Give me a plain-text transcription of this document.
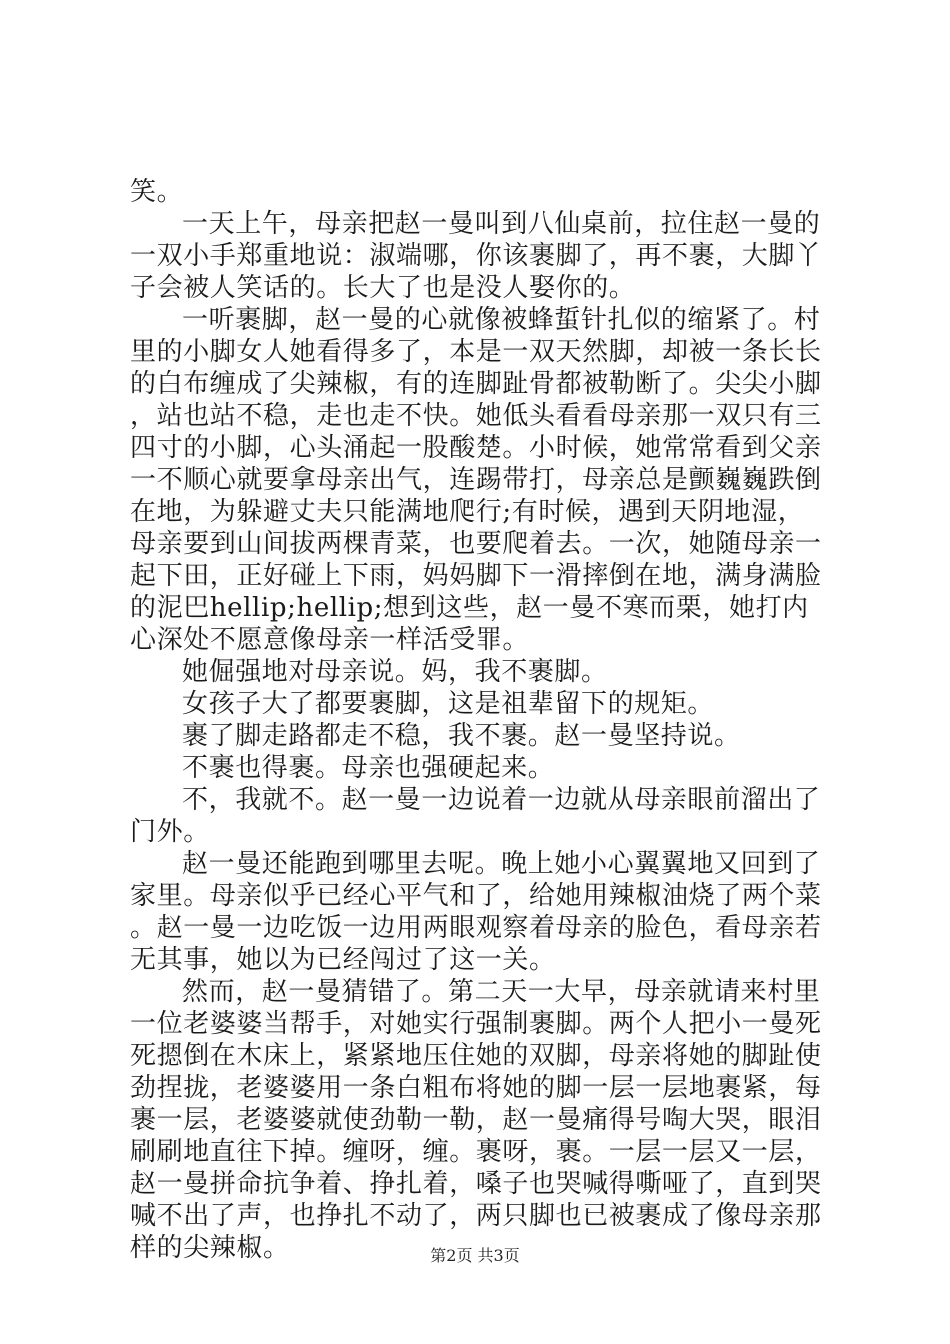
笑。

一天上午，母亲把赵一曼叫到八仙桌前，拉住赵一曼的一双小手郑重地说：淑端哪，你该裹脚了，再不裹，大脚丫子会被人笑话的。长大了也是没人娶你的。

一听裹脚，赵一曼的心就像被蜂蜇针扎似的缩紧了。村里的小脚女人她看得多了，本是一双天然脚，却被一条长长的白布缠成了尖辣椒，有的连脚趾骨都被勒断了。尖尖小脚，站也站不稳，走也走不快。她低头看看母亲那一双只有三四寸的小脚，心头涌起一股酸楚。小时候，她常常看到父亲一不顺心就要拿母亲出气，连踢带打，母亲总是颤巍巍跌倒在地，为躲避丈夫只能满地爬行;有时候，遇到天阴地湿，母亲要到山间拔两棵青菜，也要爬着去。一次，她随母亲一起下田，正好碰上下雨，妈妈脚下一滑摔倒在地，满身满脸的泥巴hellip;hellip;想到这些，赵一曼不寒而栗，她打内心深处不愿意像母亲一样活受罪。

她倔强地对母亲说。妈，我不裹脚。

女孩子大了都要裹脚，这是祖辈留下的规矩。

裹了脚走路都走不稳，我不裹。赵一曼坚持说。

不裹也得裹。母亲也强硬起来。

不，我就不。赵一曼一边说着一边就从母亲眼前溜出了门外。

赵一曼还能跑到哪里去呢。晚上她小心翼翼地又回到了家里。母亲似乎已经心平气和了，给她用辣椒油烧了两个菜。赵一曼一边吃饭一边用两眼观察着母亲的脸色，看母亲若无其事，她以为已经闯过了这一关。

然而，赵一曼猜错了。第二天一大早，母亲就请来村里一位老婆婆当帮手，对她实行强制裹脚。两个人把小一曼死死摁倒在木床上，紧紧地压住她的双脚，母亲将她的脚趾使劲捏拢，老婆婆用一条白粗布将她的脚一层一层地裹紧，每裹一层，老婆婆就使劲勒一勒，赵一曼痛得号啕大哭，眼泪刷刷地直往下掉。缠呀，缠。裹呀，裹。一层一层又一层，赵一曼拼命抗争着、挣扎着，嗓子也哭喊得嘶哑了，直到哭喊不出了声，也挣扎不动了，两只脚也已被裹成了像母亲那样的尖辣椒。	第2页 共3页
